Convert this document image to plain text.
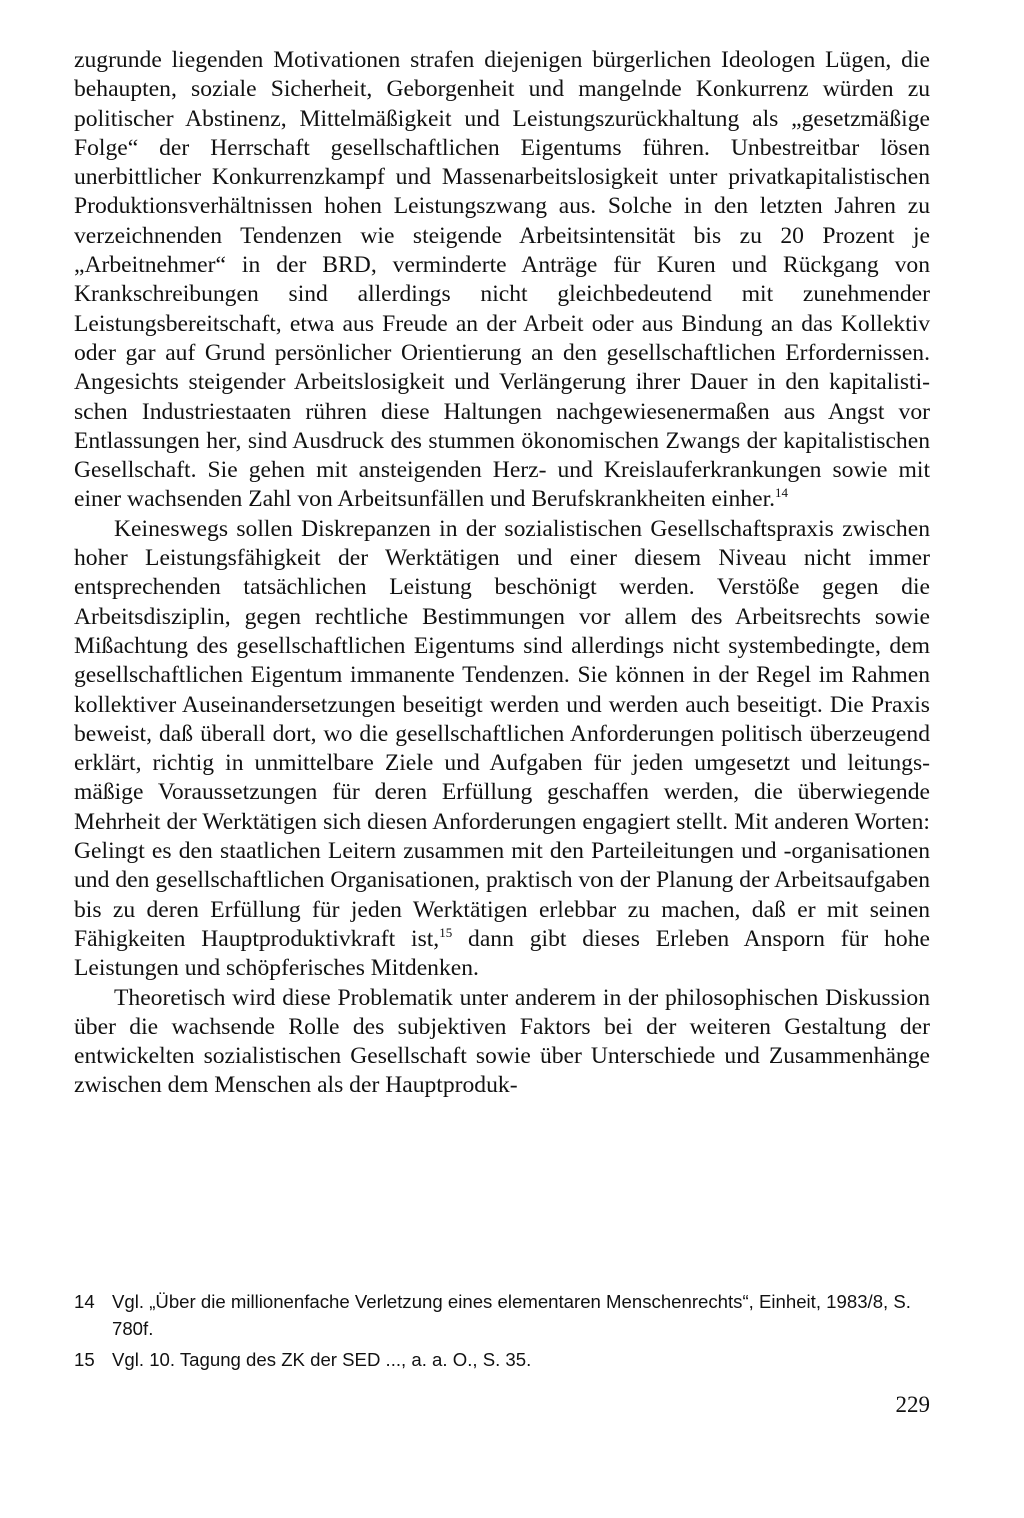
zugrunde liegenden Motivationen strafen diejenigen bürgerlichen Ideologen Lügen, die behaupten, soziale Sicherheit, Geborgenheit und mangelnde Konkurrenz würden zu politischer Abstinenz, Mittelmäßigkeit und Leistungszurückhaltung als „gesetzmäßige Folge“ der Herrschaft gesellschaftlichen Eigentums führen. Unbestreitbar lösen unerbittlicher Konkurrenzkampf und Massenarbeitslosigkeit unter privatkapitalistischen Produktionsverhältnissen hohen Leistungszwang aus. Solche in den letzten Jahren zu verzeichnenden Tendenzen wie steigende Arbeitsintensität bis zu 20 Prozent je „Arbeitnehmer“ in der BRD, verminderte Anträge für Kuren und Rückgang von Krankschreibungen sind allerdings nicht gleichbedeutend mit zunehmender Leistungsbereitschaft, etwa aus Freude an der Arbeit oder aus Bindung an das Kollektiv oder gar auf Grund persönlicher Orientierung an den gesellschaftlichen Erfordernissen. Angesichts steigender Arbeitslosigkeit und Verlängerung ihrer Dauer in den kapitalistischen Industriestaaten rühren diese Haltungen nachgewiesenermaßen aus Angst vor Entlassungen her, sind Ausdruck des stummen ökonomischen Zwangs der kapitalistischen Gesellschaft. Sie gehen mit ansteigenden Herz- und Kreislauferkrankungen sowie mit einer wachsenden Zahl von Arbeitsunfällen und Berufskrankheiten einher.$^{14}$

Keineswegs sollen Diskrepanzen in der sozialistischen Gesellschaftspraxis zwischen hoher Leistungsfähigkeit der Werktätigen und einer diesem Niveau nicht immer entsprechenden tatsächlichen Leistung beschönigt werden. Verstöße gegen die Arbeitsdisziplin, gegen rechtliche Bestimmungen vor allem des Arbeitsrechts sowie Mißachtung des gesellschaftlichen Eigentums sind allerdings nicht systembedingte, dem gesellschaftlichen Eigentum immanente Tendenzen. Sie können in der Regel im Rahmen kollektiver Auseinandersetzungen beseitigt werden und werden auch beseitigt. Die Praxis beweist, daß überall dort, wo die gesellschaftlichen Anforderungen politisch überzeugend erklärt, richtig in unmittelbare Ziele und Aufgaben für jeden umgesetzt und leitungsmäßige Voraussetzungen für deren Erfüllung geschaffen werden, die überwiegende Mehrheit der Werktätigen sich diesen Anforderungen engagiert stellt. Mit anderen Worten: Gelingt es den staatlichen Leitern zusammen mit den Parteileitungen und -organisationen und den gesellschaftlichen Organisationen, praktisch von der Planung der Arbeitsaufgaben bis zu deren Erfüllung für jeden Werktätigen erlebbar zu machen, daß er mit seinen Fähigkeiten Hauptproduktivkraft ist,$^{15}$ dann gibt dieses Erleben Ansporn für hohe Leistungen und schöpferisches Mitdenken.

Theoretisch wird diese Problematik unter anderem in der philosophischen Diskussion über die wachsende Rolle des subjektiven Faktors bei der weiteren Gestaltung der entwickelten sozialistischen Gesellschaft sowie über Unterschiede und Zusammenhänge zwischen dem Menschen als der Hauptproduk-

14 Vgl. „Über die millionenfache Verletzung eines elementaren Menschenrechts“, Einheit, 1983/8, S. 780f.
15 Vgl. 10. Tagung des ZK der SED ..., a. a. O., S. 35.
229
